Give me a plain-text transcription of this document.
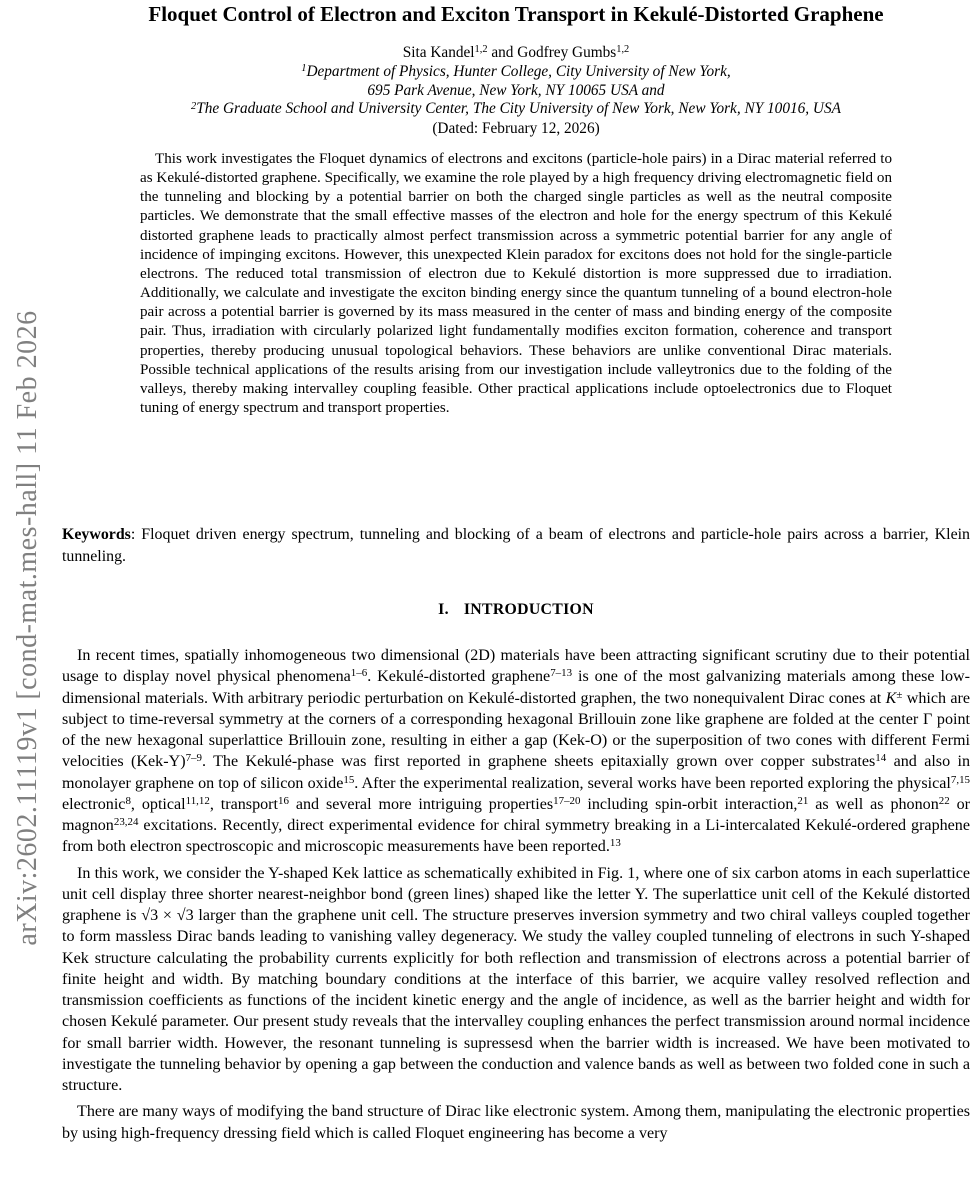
arXiv:2602.11119v1 [cond-mat.mes-hall] 11 Feb 2026
Floquet Control of Electron and Exciton Transport in Kekulé-Distorted Graphene
Sita Kandel$^{1,2}$ and Godfrey Gumbs$^{1,2}$
$^1$Department of Physics, Hunter College, City University of New York,
695 Park Avenue, New York, NY 10065 USA and
$^2$The Graduate School and University Center, The City University of New York, New York, NY 10016, USA
(Dated: February 12, 2026)
This work investigates the Floquet dynamics of electrons and excitons (particle-hole pairs) in a Dirac material referred to as Kekulé-distorted graphene. Specifically, we examine the role played by a high frequency driving electromagnetic field on the tunneling and blocking by a potential barrier on both the charged single particles as well as the neutral composite particles. We demonstrate that the small effective masses of the electron and hole for the energy spectrum of this Kekulé distorted graphene leads to practically almost perfect transmission across a symmetric potential barrier for any angle of incidence of impinging excitons. However, this unexpected Klein paradox for excitons does not hold for the single-particle electrons. The reduced total transmission of electron due to Kekulé distortion is more suppressed due to irradiation. Additionally, we calculate and investigate the exciton binding energy since the quantum tunneling of a bound electron-hole pair across a potential barrier is governed by its mass measured in the center of mass and binding energy of the composite pair. Thus, irradiation with circularly polarized light fundamentally modifies exciton formation, coherence and transport properties, thereby producing unusual topological behaviors. These behaviors are unlike conventional Dirac materials. Possible technical applications of the results arising from our investigation include valleytronics due to the folding of the valleys, thereby making intervalley coupling feasible. Other practical applications include optoelectronics due to Floquet tuning of energy spectrum and transport properties.
Keywords: Floquet driven energy spectrum, tunneling and blocking of a beam of electrons and particle-hole pairs across a barrier, Klein tunneling.
I. INTRODUCTION

In recent times, spatially inhomogeneous two dimensional (2D) materials have been attracting significant scrutiny due to their potential usage to display novel physical phenomena$^{1-6}$. Kekulé-distorted graphene$^{7-13}$ is one of the most galvanizing materials among these low-dimensional materials. With arbitrary periodic perturbation on Kekulé-distorted graphen, the two nonequivalent Dirac cones at K± which are subject to time-reversal symmetry at the corners of a corresponding hexagonal Brillouin zone like graphene are folded at the center Γ point of the new hexagonal superlattice Brillouin zone, resulting in either a gap (Kek-O) or the superposition of two cones with different Fermi velocities $(Kek-Y)^{7-9}$. The Kekulé-phase was first reported in graphene sheets epitaxially grown over copper substrates$^{14}$ and also in monolayer graphene on top of silicon oxide$^{15}$. After the experimental realization, several works have been reported exploring the physical$^{7,15}$ electronic$^8$, optical$^{11,12}$, transport$^{16}$ and several more intriguing properties$^{17-20}$ including spin-orbit interaction,$^{21}$ as well as phonon$^{22}$ or magnon$^{23,24}$ excitations. Recently, direct experimental evidence for chiral symmetry breaking in a Li-intercalated Kekulé-ordered graphene from both electron spectroscopic and microscopic measurements have been reported.$^{13}$

In this work, we consider the Y-shaped Kek lattice as schematically exhibited in Fig. 1, where one of six carbon atoms in each superlattice unit cell display three shorter nearest-neighbor bond (green lines) shaped like the letter Y. The superlattice unit cell of the Kekulé distorted graphene is √3 × √3 larger than the graphene unit cell. The structure preserves inversion symmetry and two chiral valleys coupled together to form massless Dirac bands leading to vanishing valley degeneracy. We study the valley coupled tunneling of electrons in such Y-shaped Kek structure calculating the probability currents explicitly for both reflection and transmission of electrons across a potential barrier of finite height and width. By matching boundary conditions at the interface of this barrier, we acquire valley resolved reflection and transmission coefficients as functions of the incident kinetic energy and the angle of incidence, as well as the barrier height and width for chosen Kekulé parameter. Our present study reveals that the intervalley coupling enhances the perfect transmission around normal incidence for small barrier width. However, the resonant tunneling is supressesd when the barrier width is increased. We have been motivated to investigate the tunneling behavior by opening a gap between the conduction and valence bands as well as between two folded cone in such a structure.

There are many ways of modifying the band structure of Dirac like electronic system. Among them, manipulating the electronic properties by using high-frequency dressing field which is called Floquet engineering has become a very
